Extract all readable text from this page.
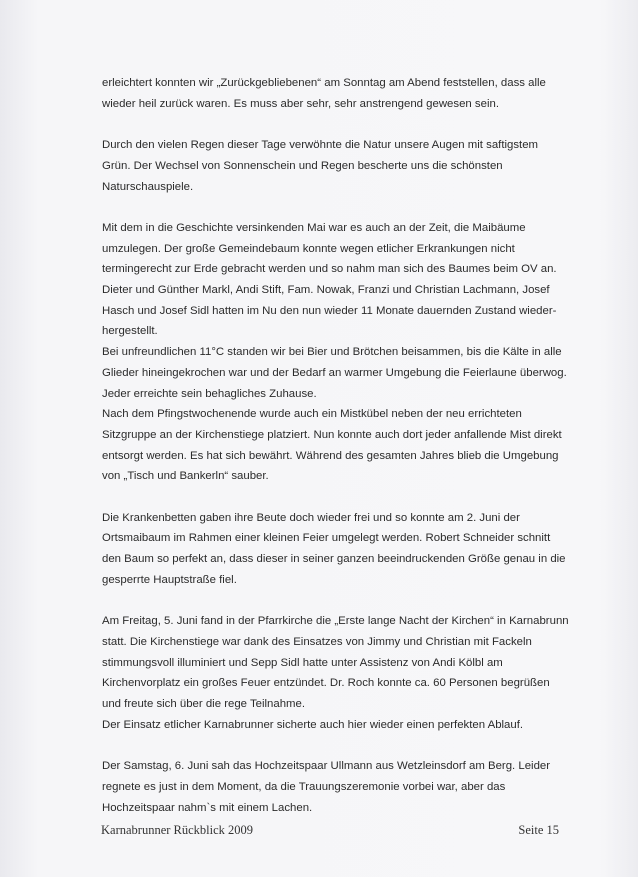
erleichtert konnten wir „Zurückgebliebenen“ am Sonntag am Abend feststellen, dass alle
wieder heil zurück waren. Es muss aber sehr, sehr anstrengend gewesen sein.
Durch den vielen Regen dieser Tage verwöhnte die Natur unsere Augen mit saftigstem
Grün. Der Wechsel von Sonnenschein und Regen bescherte uns die schönsten
Naturschauspiele.
Mit dem in die Geschichte versinkenden Mai war es auch an der Zeit, die Maibäume
umzulegen. Der große Gemeindebaum konnte wegen etlicher Erkrankungen nicht
termingerecht zur Erde gebracht werden und so nahm man sich des Baumes beim OV an.
Dieter und Günther Markl, Andi Stift, Fam. Nowak, Franzi und Christian Lachmann, Josef
Hasch und Josef Sidl hatten im Nu den nun wieder 11 Monate dauernden Zustand wieder-
hergestellt.
Bei unfreundlichen 11°C standen wir bei Bier und Brötchen beisammen, bis die Kälte in alle
Glieder hineingekrochen war und der Bedarf an warmer Umgebung die Feierlaune überwog.
Jeder erreichte sein behagliches Zuhause.
Nach dem Pfingstwochenende wurde auch ein Mistkübel neben der neu errichteten
Sitzgruppe an der Kirchenstiege platziert. Nun konnte auch dort jeder anfallende Mist direkt
entsorgt werden. Es hat sich bewährt. Während des gesamten Jahres blieb die Umgebung
von „Tisch und Bankerln“ sauber.
Die Krankenbetten gaben ihre Beute doch wieder frei und so konnte am 2. Juni der
Ortsmaibaum im Rahmen einer kleinen Feier umgelegt werden. Robert Schneider schnitt
den Baum so perfekt an, dass dieser in seiner ganzen beeindruckenden Größe genau in die
gesperrte Hauptstraße fiel.
Am Freitag, 5. Juni fand in der Pfarrkirche die „Erste lange Nacht der Kirchen“ in Karnabrunn
statt. Die Kirchenstiege war dank des Einsatzes von Jimmy und Christian mit Fackeln
stimmungsvoll illuminiert und Sepp Sidl hatte unter Assistenz von Andi Kölbl am
Kirchenvorplatz ein großes Feuer entzündet. Dr. Roch konnte ca. 60 Personen begrüßen
und freute sich über die rege Teilnahme.
Der Einsatz etlicher Karnabrunner sicherte auch hier wieder einen perfekten Ablauf.
Der Samstag, 6. Juni sah das Hochzeitspaar Ullmann aus Wetzleinsdorf am Berg. Leider
regnete es just in dem Moment, da die Trauungszeremonie vorbei war, aber das
Hochzeitspaar nahm`s mit einem Lachen.
Karnabrunner Rückblick 2009	Seite 15
